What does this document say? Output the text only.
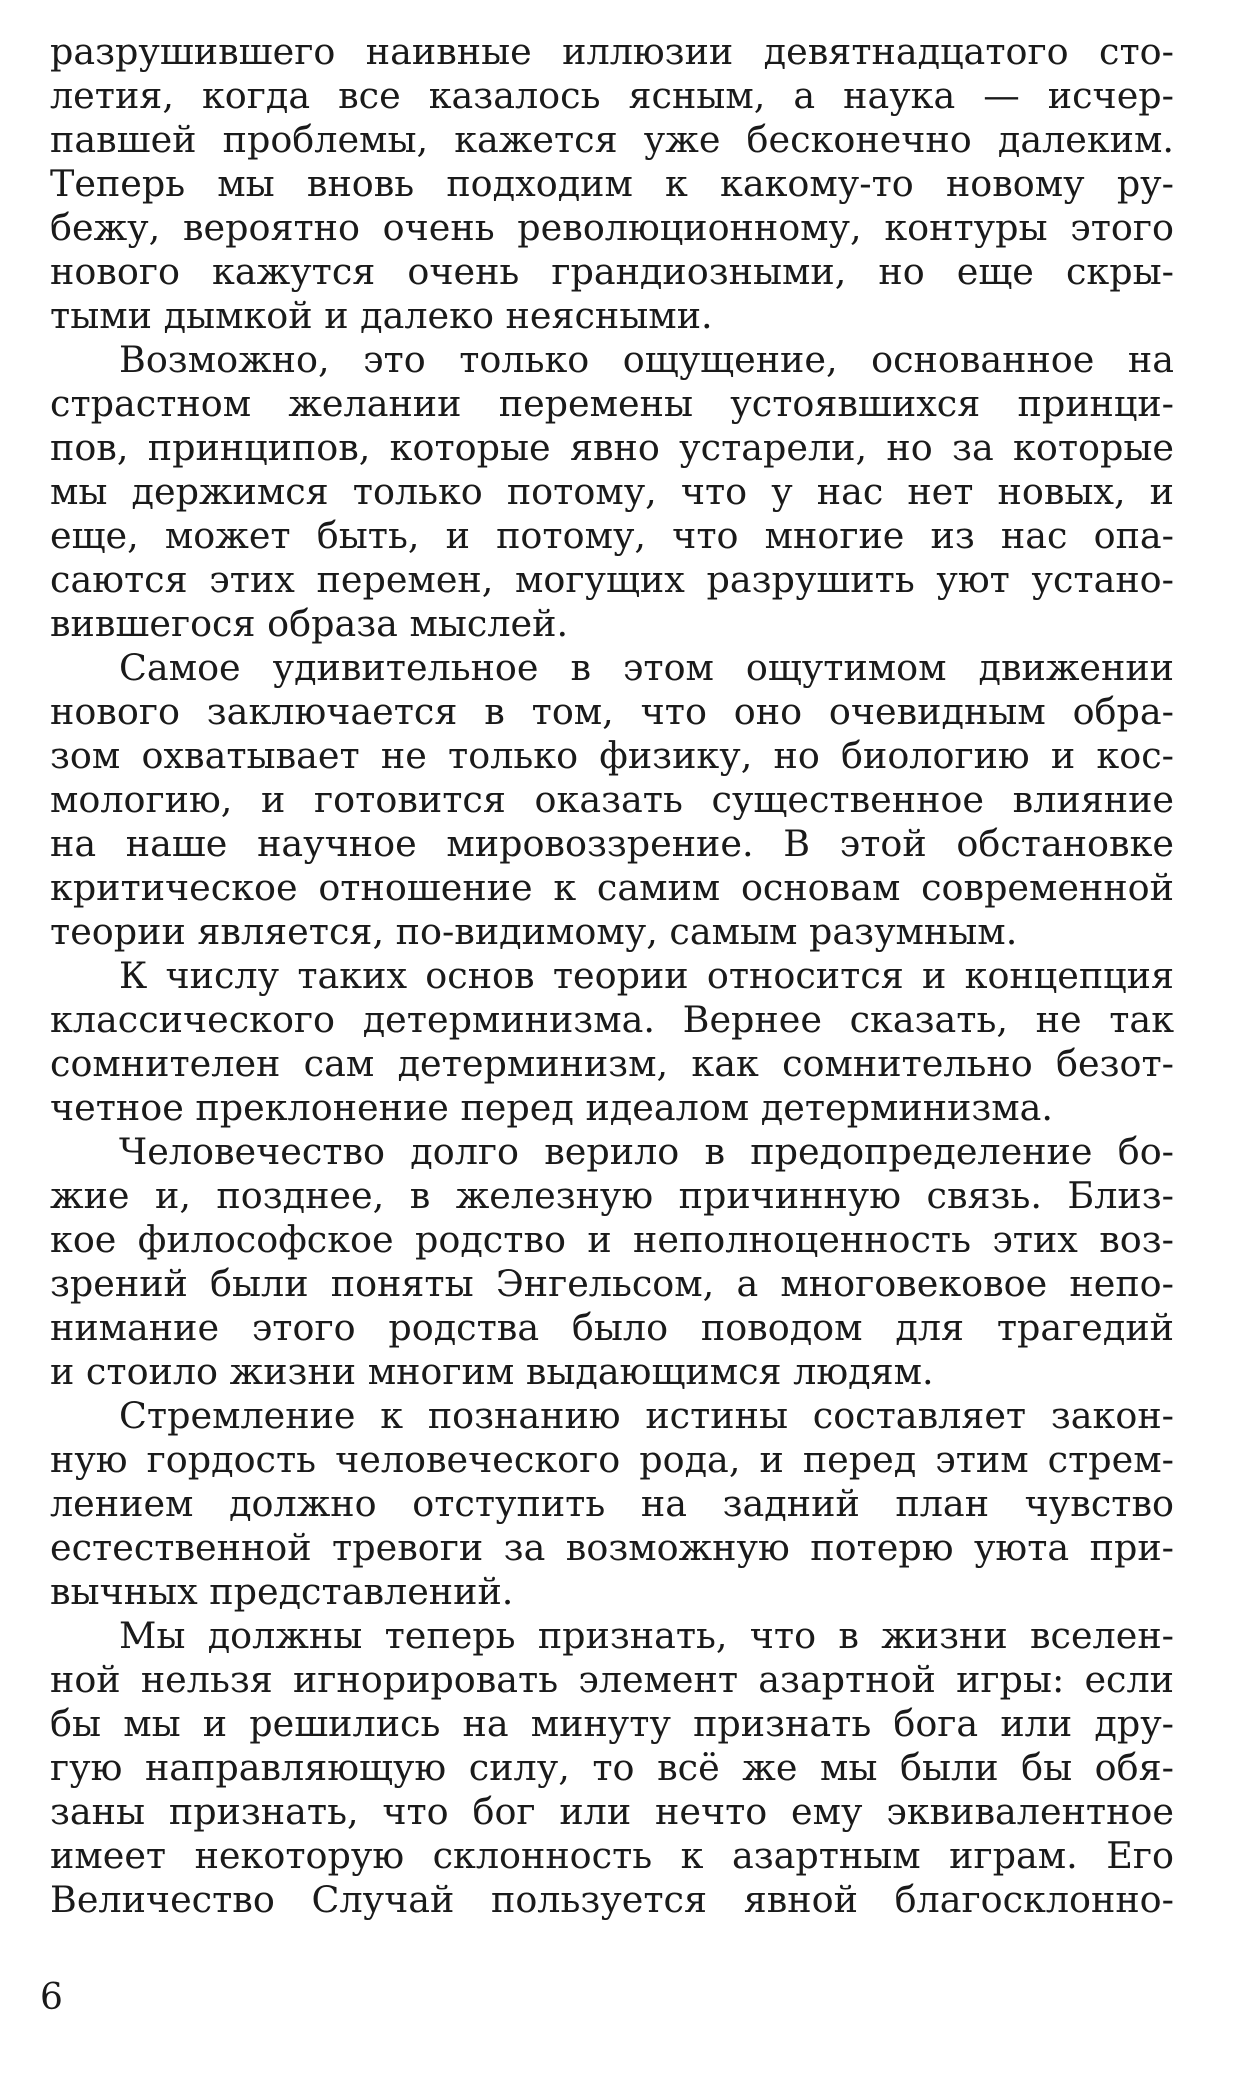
разрушившего наивные иллюзии девятнадцатого сто-
летия, когда все казалось ясным, а наука — исчер-
павшей проблемы, кажется уже бесконечно далеким.
Теперь мы вновь подходим к какому-то новому ру-
бежу, вероятно очень революционному, контуры этого
нового кажутся очень грандиозными, но еще скры-
тыми дымкой и далеко неясными.
Возможно, это только ощущение, основанное на
страстном желании перемены устоявшихся принци-
пов, принципов, которые явно устарели, но за которые
мы держимся только потому, что у нас нет новых, и
еще, может быть, и потому, что многие из нас опа-
саются этих перемен, могущих разрушить уют устано-
вившегося образа мыслей.
Самое удивительное в этом ощутимом движении
нового заключается в том, что оно очевидным обра-
зом охватывает не только физику, но биологию и кос-
мологию, и готовится оказать существенное влияние
на наше научное мировоззрение. В этой обстановке
критическое отношение к самим основам современной
теории является, по-видимому, самым разумным.
К числу таких основ теории относится и концепция
классического детерминизма. Вернее сказать, не так
сомнителен сам детерминизм, как сомнительно безот-
четное преклонение перед идеалом детерминизма.
Человечество долго верило в предопределение бо-
жие и, позднее, в железную причинную связь. Близ-
кое философское родство и неполноценность этих воз-
зрений были поняты Энгельсом, а многовековое непо-
нимание этого родства было поводом для трагедий
и стоило жизни многим выдающимся людям.
Стремление к познанию истины составляет закон-
ную гордость человеческого рода, и перед этим стрем-
лением должно отступить на задний план чувство
естественной тревоги за возможную потерю уюта при-
вычных представлений.
Мы должны теперь признать, что в жизни вселен-
ной нельзя игнорировать элемент азартной игры: если
бы мы и решились на минуту признать бога или дру-
гую направляющую силу, то всё же мы были бы обя-
заны признать, что бог или нечто ему эквивалентное
имеет некоторую склонность к азартным играм. Его
Величество Случай пользуется явной благосклонно-
6
